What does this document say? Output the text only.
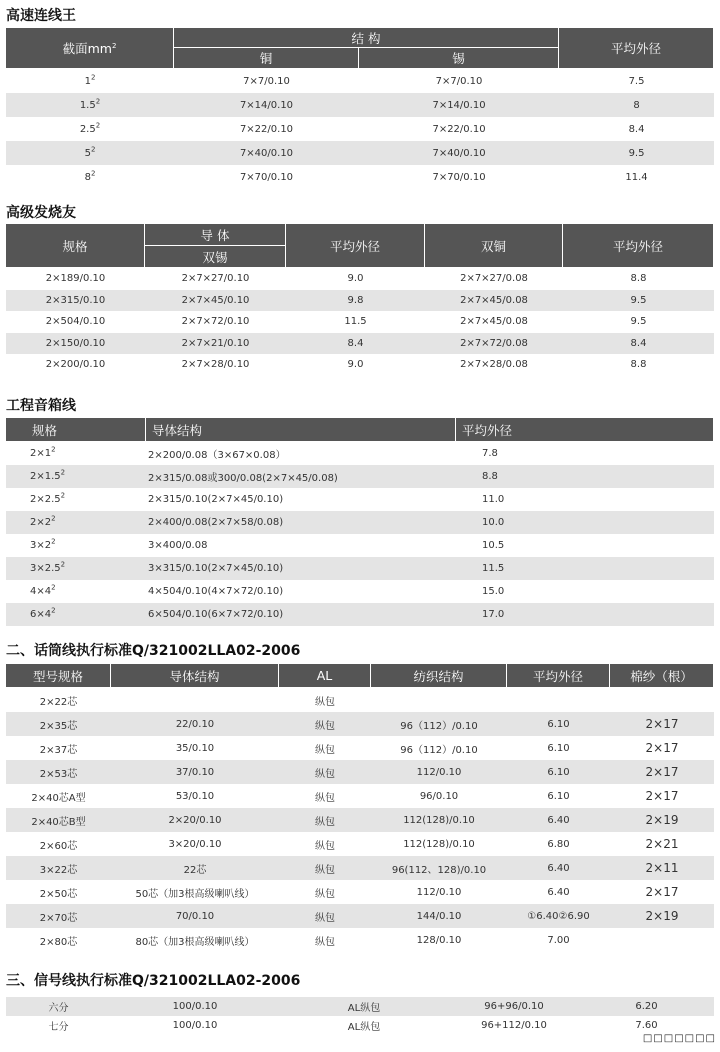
高速连线王
截面$mm^2$	结 构		平均外径
	铜	锡	
$1^2$	7×7/0.10	7×7/0.10	7.5
$1.5^2$	7×14/0.10	7×14/0.10	8
$2.5^2$	7×22/0.10	7×22/0.10	8.4
$5^2$	7×40/0.10	7×40/0.10	9.5
$8^2$	7×70/0.10	7×70/0.10	11.4
高级发烧友
规格	导 体	平均外径	双铜	平均外径
	双锡			
2×189/0.10	2×7×27/0.10	9.0	2×7×27/0.08	8.8
2×315/0.10	2×7×45/0.10	9.8	2×7×45/0.08	9.5
2×504/0.10	2×7×72/0.10	11.5	2×7×45/0.08	9.5
2×150/0.10	2×7×21/0.10	8.4	2×7×72/0.08	8.4
2×200/0.10	2×7×28/0.10	9.0	2×7×28/0.08	8.8
工程音箱线
规格	导体结构	平均外径
$2\times 1^2$	2×200/0.08（3×67×0.08）	7.8
$2\times 1.5^2$	2×315/0.08或300/0.08(2×7×45/0.08)	8.8
$2\times 2.5^2$	2×315/0.10(2×7×45/0.10)	11.0
$2\times 2^2$	2×400/0.08(2×7×58/0.08)	10.0
$3\times 2^2$	3×400/0.08	10.5
$3\times 2.5^2$	3×315/0.10(2×7×45/0.10)	11.5
$4\times 4^2$	4×504/0.10(4×7×72/0.10)	15.0
$6\times 4^2$	6×504/0.10(6×7×72/0.10)	17.0
二、话筒线执行标准Q/321002LLA02-2006
型号规格	导体结构	AL	纺织结构	平均外径	棉纱（根）
2×22芯		纵包			
2×35芯	22/0.10	纵包	96（112）/0.10	6.10	2×17
2×37芯	35/0.10	纵包	96（112）/0.10	6.10	2×17
2×53芯	37/0.10	纵包	112/0.10	6.10	2×17
2×40芯A型	53/0.10	纵包	96/0.10	6.10	2×17
2×40芯B型	2×20/0.10	纵包	112(128)/0.10	6.40	2×19
2×60芯	3×20/0.10	纵包	112(128)/0.10	6.80	2×21
3×22芯	22芯	纵包	96(112、128)/0.10	6.40	2×11
2×50芯	50芯（加3根高级喇叭线）	纵包	112/0.10	6.40	2×17
2×70芯	70/0.10	纵包	144/0.10	①6.40②6.90	2×19
2×80芯	80芯（加3根高级喇叭线）	纵包	128/0.10	7.00	
三、信号线执行标准Q/321002LLA02-2006
六分	100/0.10	AL纵包	96+96/0.10	6.20
七分	100/0.10	AL纵包	96+112/0.10	7.60
□□□□□□□
